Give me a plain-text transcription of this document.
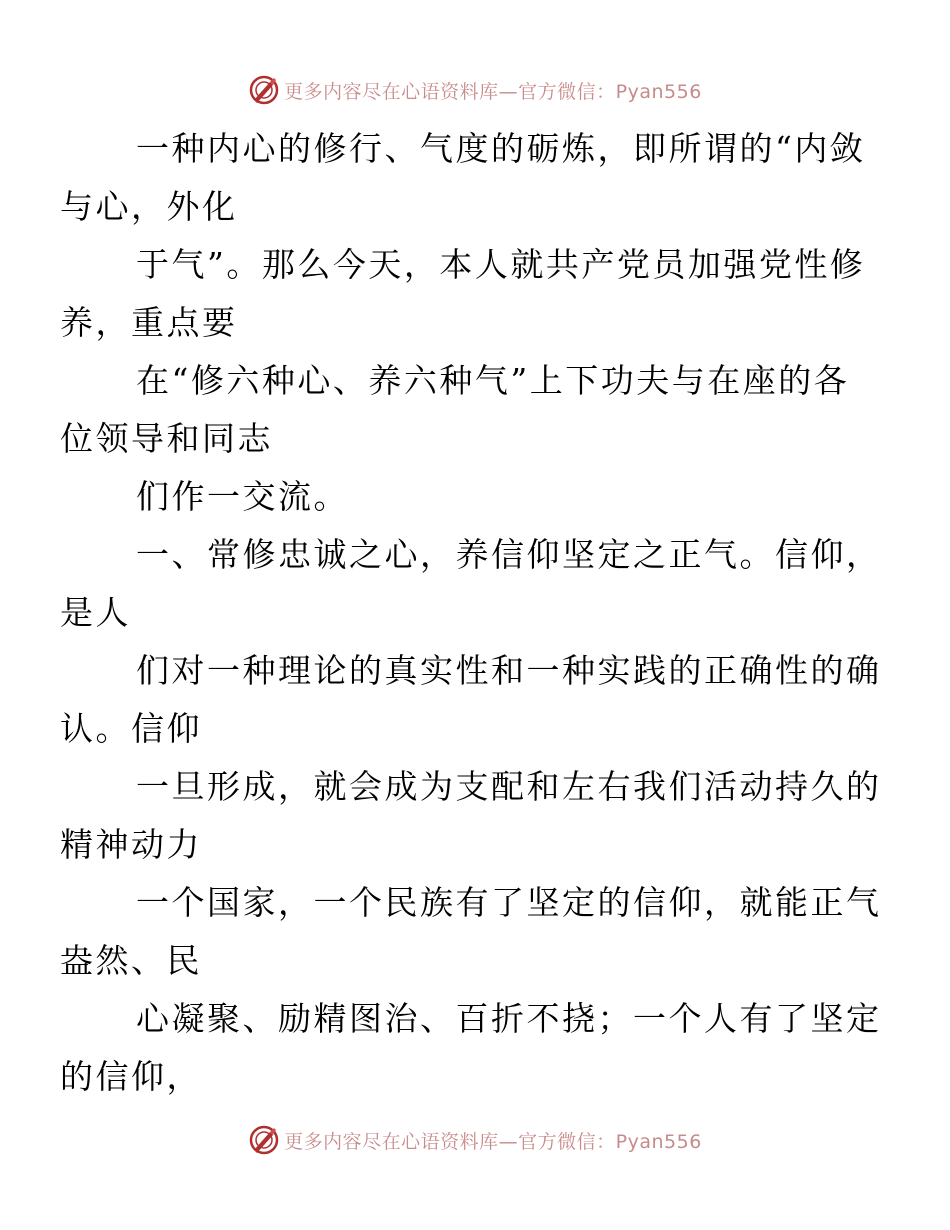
更多内容尽在心语资料库—官方微信：Pyan556

一种内心的修行、气度的砺炼，即所谓的“内敛
与心，外化

于气”。那么今天，本人就共产党员加强党性修
养，重点要

在“修六种心、养六种气”上下功夫与在座的各
位领导和同志

们作一交流。

一、常修忠诚之心，养信仰坚定之正气。信仰，
是人

们对一种理论的真实性和一种实践的正确性的确
认。信仰

一旦形成，就会成为支配和左右我们活动持久的
精神动力

一个国家，一个民族有了坚定的信仰，就能正气
盎然、民

心凝聚、励精图治、百折不挠；一个人有了坚定
的信仰，

更多内容尽在心语资料库—官方微信：Pyan556
